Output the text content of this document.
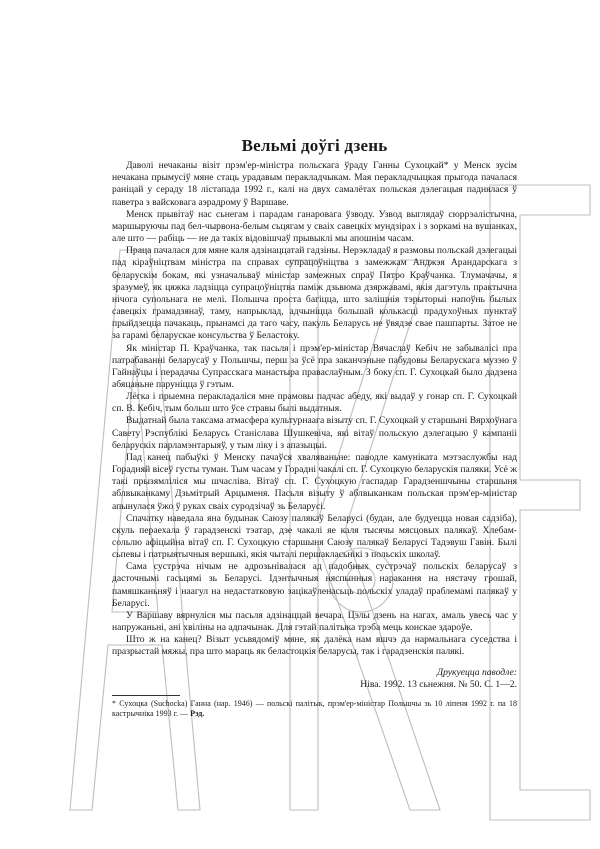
Вельмі доўгі дзень

Даволі нечаканы візіт прэм'ер-міністра польскага ўраду Ганны Сухоцкай* у Менск зусім нечакана прымусіў мяне стаць урадавым перакладчыкам. Мая перакладчыцкая прыгода пачалася раніцай у сераду 18 лістапада 1992 г., калі на двух самалётах польская дэлегацыя паднялася ў паветра з вайсковага аэрадрому ў Варшаве.

Менск прывітаў нас сьнегам і парадам ганаровага ўзводу. Узвод выглядаў сюррэалістычна, маршыруючы пад бел-чырвона-белым сьцягам у сваіх савецкіх мундзірах і з зоркамі на вушанках, але што — рабіць — не да такіх відовішчаў прывыклі мы апошнім часам.

Праца пачалася для мяне каля адзінаццатай гадзіны. Нерэкладаў я размовы польскай дэлегацыі пад кіраўніцтвам міністра па справах супрацоўніцтва з замежжам Анджэя Арандарскага з беларускім бокам, які узначальваў міністар замежных спраў Пятро Краўчанка. Тлумачачы, я зразумеў, як цяжка ладзіцца супрацоўніцтва паміж дзьвюма дзяржавамі, якія дагэтуль практычна нічога супольнага не мелі. Польшча проста багіцца, што залішнія тэрыторыі напоўнь былых савецкіх грамадзянаў, таму, напрыклад, адчыніцца большай колькасці прадухоўных пунктаў прыйдзецца пачакаць, прынамсі да таго часу, пакуль Беларусь не ўвядзе свае пашпарты. Затое не за гарамі беларускае консульства ў Беластоку.

Як міністар П. Краўчанка, так пасьля і прэм'ер-міністар Вячаслаў Кебіч не забывалісі пра патрабаванні беларусаў у Польшчы, перш за ўсё пра заканчэньне пабудовы Беларускага музэю ў Гайнаўцы і перадачы Супрасскага манастыра праваслаўным. З боку сп. Г. Сухоцкай было дадзена абяцаньне паруніцца ў гэтым.

Лёгка і прыемна перакладаліся мне прамовы падчас абеду, які выдаў у гонар сп. Г. Сухоцкай сп. В. Кебіч, тым больш што ўсе стравы былі выдатныя.

Выдатнай была таксама атмасфера культурнаага візыту сп. Г. Сухоцкай у старшыні Вярхоўнага Савету Рэспублікі Беларусь Станіслава Шушкевіча, які вітаў польскую дэлегацыю ў кампаніі беларускіх парламэнтарыяў, у тым ліку і з апазыцыі.

Пад канец пабыўкі ў Менску пачаўся хваляваньне: паводле камуніката мэтэаслужбы над Горадняй вісеў густы туман. Тым часам у Горадні чакалі сп. Г. Сухоцкую беларускія паляки. Усё ж такі прызямліліся мы шчасліва. Вітаў сп. Г. Сухоцкую гаспадар Гарадзеншчыны старшыня аблвыканкаму Дзьмітрый Арцыменя. Пасьля візыту ў аблвыканкам польская прэм'ер-міністар апынулася ўжо ў руках сваіх суродзічаў зь Беларусі.

Спачатку наведала яна будынак Саюзу палякаў Беларусі (будан, але будуецца новая садзіба), скуль пераехала ў гарадзенскі тэатар, дзе чакалі яе каля тысячы мясцовых палякаў. Хлебам-сольлю афіцыйна вітаў сп. Г. Сухоцкую старшыня Саюзу палякаў Беларусі Тадэвуш Гавін. Былі сьпевы і патрыятычныя вершыкі, якія чыталі першакласьнікі з польскіх школаў.

Сама сустрэча нічым не адрозьнівалася ад падобных сустрэчаў польскіх беларусаў з дасточнымі гасьцямі зь Беларусі. Ідэнтычныя няспынныя наракання на нястачу грошай, памяшканьняў і наагул на недастатковую зацікаўленасьць польскіх уладаў праблемамі палякаў у Беларусі.

У Варшаву вярнуліся мы пасьля адзінаццай вечара. Цэлы дзень на нагах, амаль увесь час у напружаньні, ані хвіліны на адпачынак. Для гэтай палітыка трэба мець конскае здароўе.

Што ж на канец? Візыт усьвядоміў мяне, як далёка нам яшчэ да нармальнага суседства і празрыстай мяжы, пра што мараць як беластоцкія беларусы, так і гарадзенскія палякі.

Друкуецца паводле:

Ніва. 1992. 13 сьнежня. № 50. С. 1—2.

* Сухоцка (Suchocka) Ганна (нар. 1946) — польскі палітык, прэм'ер-міністар Польшчы зь 10 ліпеня 1992 г. па 18 кастрычніка 1993 г. — Рэд.
